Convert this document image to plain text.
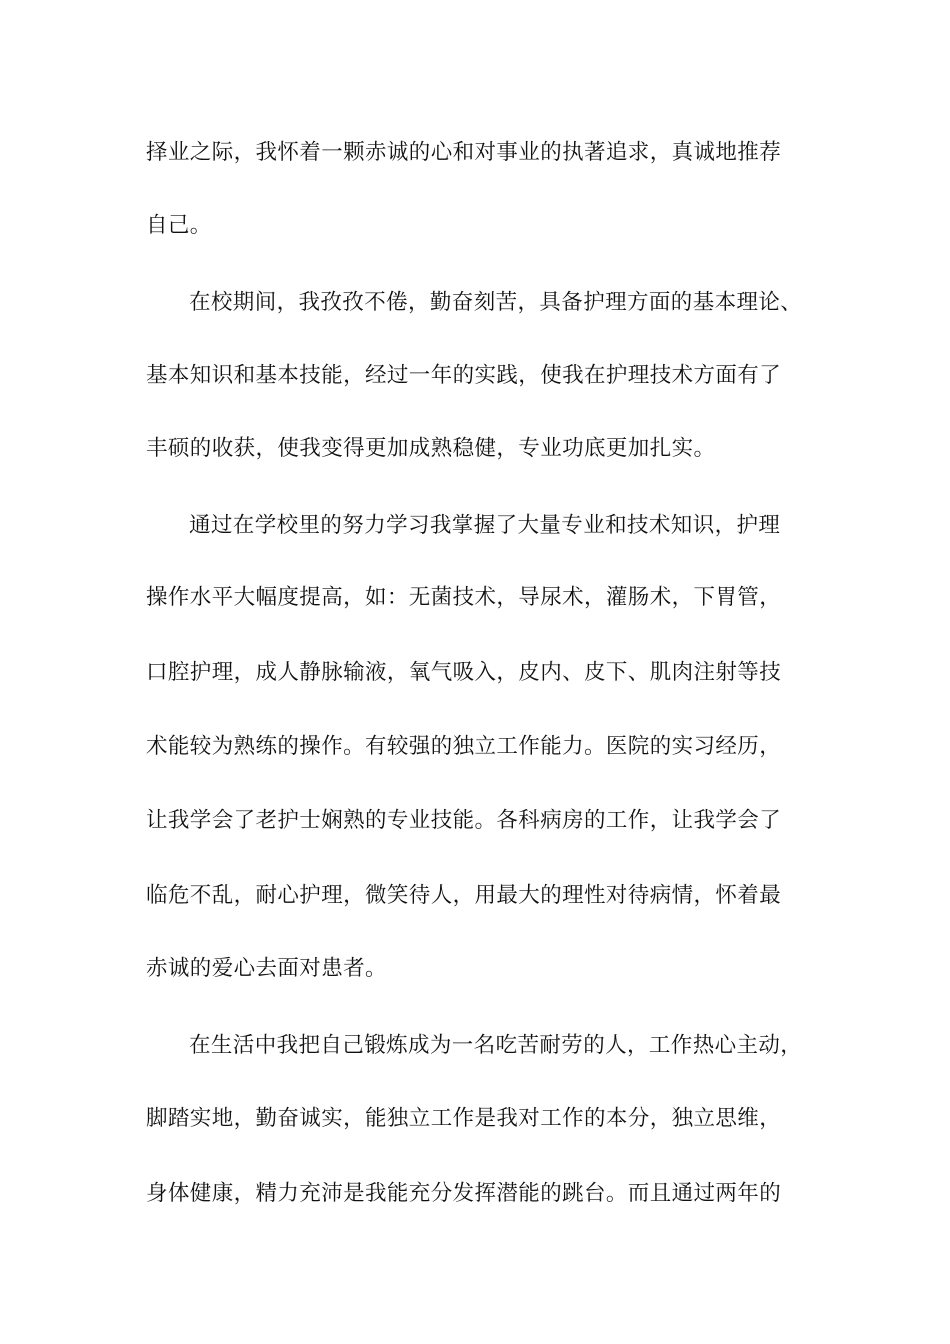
择业之际，我怀着一颗赤诚的心和对事业的执著追求，真诚地推荐
自己。
在校期间，我孜孜不倦，勤奋刻苦，具备护理方面的基本理论、
基本知识和基本技能，经过一年的实践，使我在护理技术方面有了
丰硕的收获，使我变得更加成熟稳健，专业功底更加扎实。
通过在学校里的努力学习我掌握了大量专业和技术知识，护理
操作水平大幅度提高，如：无菌技术，导尿术，灌肠术，下胃管，
口腔护理，成人静脉输液，氧气吸入，皮内、皮下、肌肉注射等技
术能较为熟练的操作。有较强的独立工作能力。医院的实习经历，
让我学会了老护士娴熟的专业技能。各科病房的工作，让我学会了
临危不乱，耐心护理，微笑待人，用最大的理性对待病情，怀着最
赤诚的爱心去面对患者。
在生活中我把自己锻炼成为一名吃苦耐劳的人，工作热心主动，
脚踏实地，勤奋诚实，能独立工作是我对工作的本分，独立思维，
身体健康，精力充沛是我能充分发挥潜能的跳台。而且通过两年的
